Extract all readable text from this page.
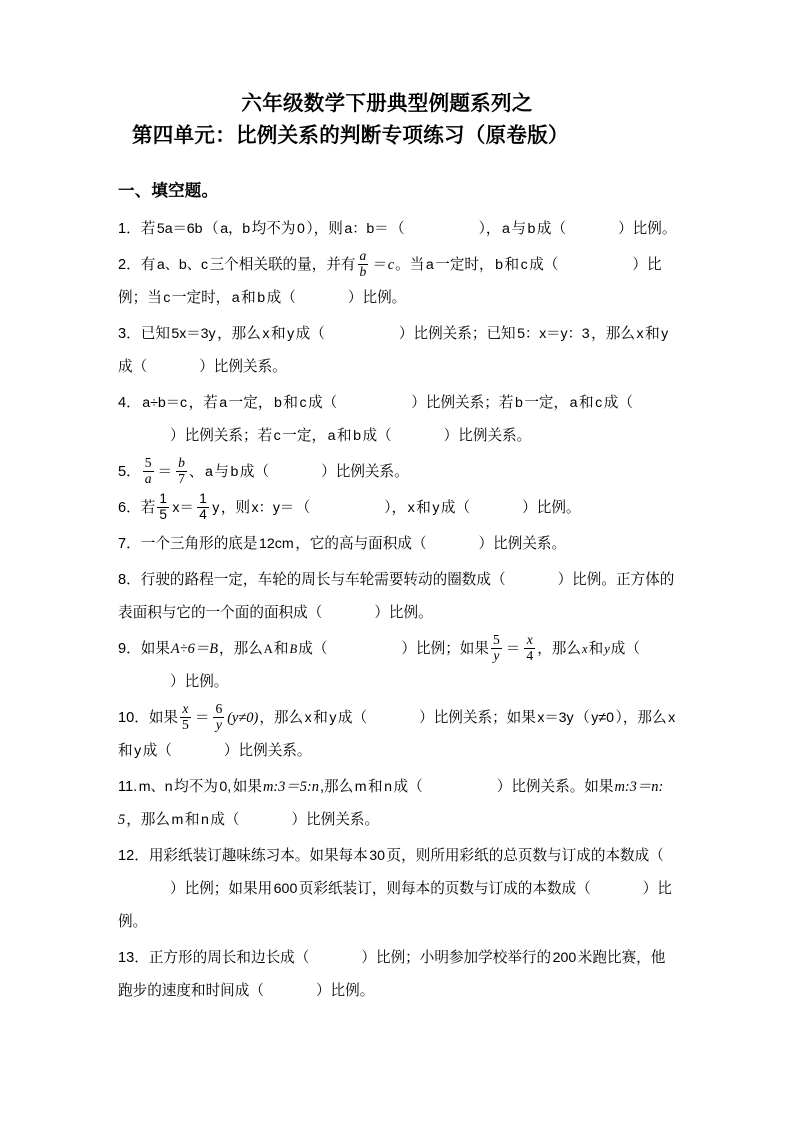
六年级数学下册典型例题系列之
第四单元：比例关系的判断专项练习（原卷版）
一、填空题。
1．若 5a＝6b （ a，b 均不为 0 ），则 a：b＝ （	）， a 与 b 成（	）比例。
2．有 a、b、c 三个相关联的量，并有 $\frac{a}{b} = c$。当 a 一定时， b 和 c 成（	）比例；当 c 一定时， a 和 b 成（	）比例。
3．已知 5x＝3y ，那么 x 和 y 成（	）比例关系；已知 5：x＝y：3 ，那么 x 和 y成（	）比例关系。
4． a÷b＝c ，若 a 一定， b 和 c 成（	）比例关系；若 b 一定， a 和 c 成（ ）比例关系；若 c 一定， a 和 b 成（	）比例关系。
5． $\frac{5}{a} = \frac{b}{7}$ 、 a 与 b 成（	）比例关系。
6．若 $\frac{1}{5} x= \frac{1}{4}$ y ，则 x：y＝ （	）， x 和 y 成（	）比例。
7．一个三角形的底是 12cm ，它的高与面积成（	）比例关系。
8．行驶的路程一定，车轮的周长与车轮需要转动的圈数成（	）比例。正方体的表面积与它的一个面的面积成（	）比例。
9．如果A÷6＝B，那么A和B成（	）比例；如果 $\frac{5}{y} = \frac{x}{4}$ ，那么x和y成（ ）比例。
10．如果 $\frac{x}{5} = \frac{6}{y} (y\ne 0)$，那么 x 和 y 成（	）比例关系；如果 x＝3y （ y≠0 ），那么 x和 y 成（	）比例关系。
11. m、n 均不为 0, 如果m:3＝5:n,那么 m 和 n 成（	）比例关系。如果m:3＝n:5，那么 m 和 n 成（	）比例关系。
12．用彩纸装订趣味练习本。如果每本 30 页，则所用彩纸的总页数与订成的本数成（ ）比例；如果用 600 页彩纸装订，则每本的页数与订成的本数成（	）比例。
13．正方形的周长和边长成（	）比例；小明参加学校举行的 200 米跑比赛，他跑步的速度和时间成（	）比例。
